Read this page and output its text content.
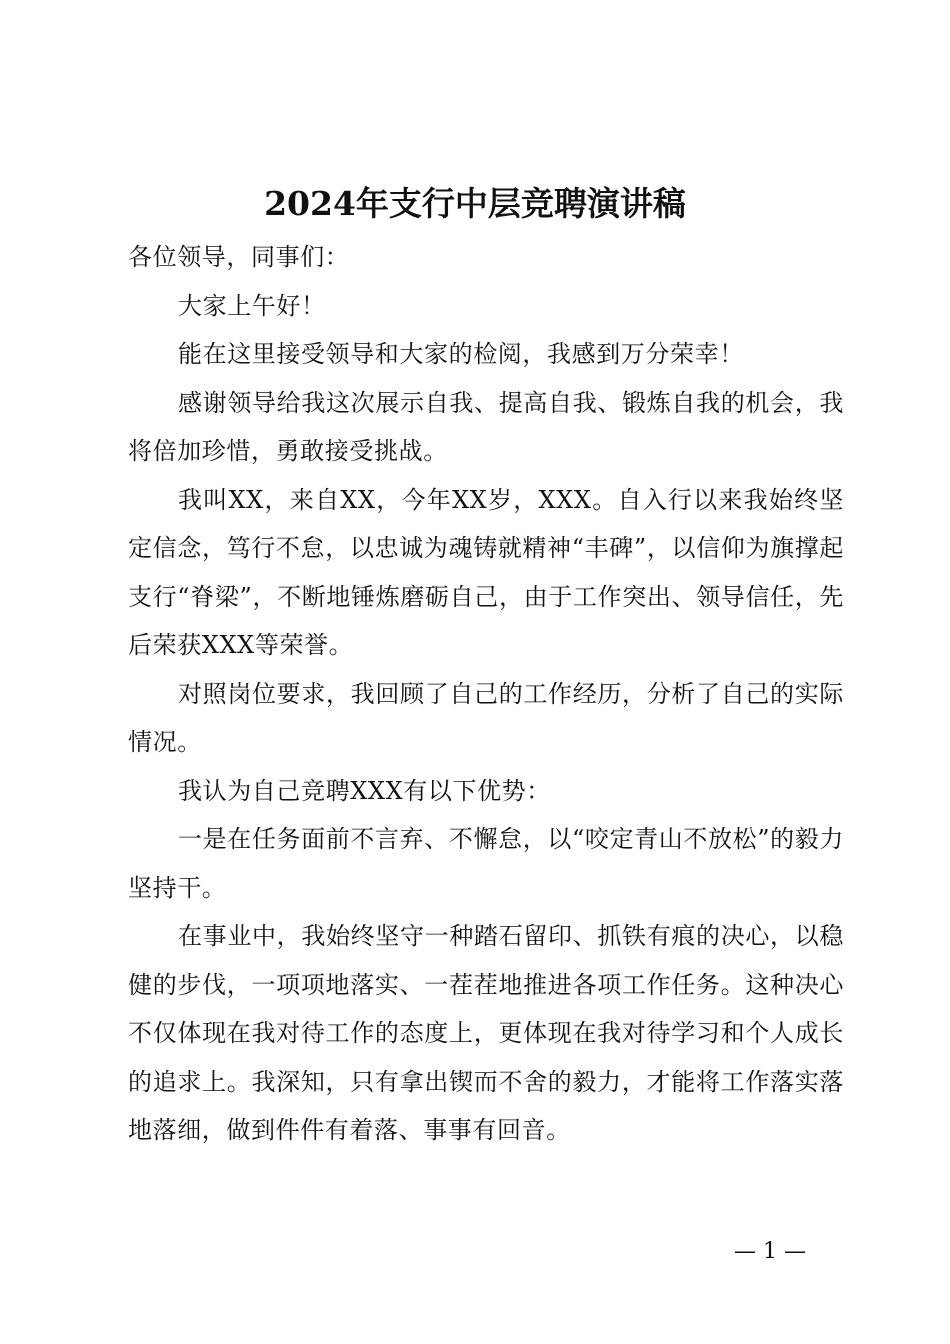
2024年支行中层竞聘演讲稿

各位领导，同事们：

大家上午好！

能在这里接受领导和大家的检阅，我感到万分荣幸！

感谢领导给我这次展示自我、提高自我、锻炼自我的机会，我将倍加珍惜，勇敢接受挑战。

我叫XX，来自XX，今年XX岁，XXX。自入行以来我始终坚定信念，笃行不怠，以忠诚为魂铸就精神“丰碑”，以信仰为旗撑起支行“脊梁”，不断地锤炼磨砺自己，由于工作突出、领导信任，先后荣获XXX等荣誉。

对照岗位要求，我回顾了自己的工作经历，分析了自己的实际情况。

我认为自己竞聘XXX有以下优势：

一是在任务面前不言弃、不懈怠，以“咬定青山不放松”的毅力坚持干。

在事业中，我始终坚守一种踏石留印、抓铁有痕的决心，以稳健的步伐，一项项地落实、一茬茬地推进各项工作任务。这种决心不仅体现在我对待工作的态度上，更体现在我对待学习和个人成长的追求上。我深知，只有拿出锲而不舍的毅力，才能将工作落实落地落细，做到件件有着落、事事有回音。

— 1 —
